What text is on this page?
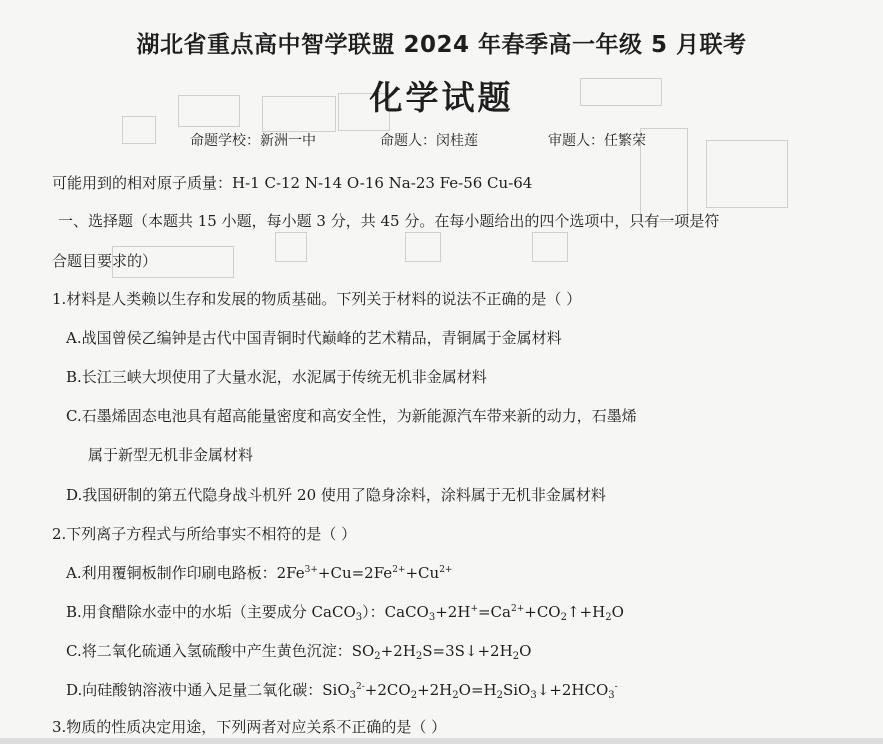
湖北省重点高中智学联盟 2024 年春季高一年级 5 月联考
化学试题
命题学校：新洲一中	命题人：闵桂莲	审题人：任繁荣
可能用到的相对原子质量：H-1 C-12 N-14 O-16 Na-23 Fe-56 Cu-64
一、选择题（本题共 15 小题，每小题 3 分，共 45 分。在每小题给出的四个选项中，只有一项是符
合题目要求的）
1.材料是人类赖以生存和发展的物质基础。下列关于材料的说法不正确的是（ ）
A.战国曾侯乙编钟是古代中国青铜时代巅峰的艺术精品，青铜属于金属材料
B.长江三峡大坝使用了大量水泥，水泥属于传统无机非金属材料
C.石墨烯固态电池具有超高能量密度和高安全性，为新能源汽车带来新的动力，石墨烯
属于新型无机非金属材料
D.我国研制的第五代隐身战斗机歼 20 使用了隐身涂料，涂料属于无机非金属材料
2.下列离子方程式与所给事实不相符的是（ ）
A.利用覆铜板制作印刷电路板：$2Fe^{3+}+Cu=2Fe^{2+}+Cu^{2+}$
B.用食醋除水壶中的水垢（主要成分 CaCO$_3$）：$CaCO_3+2H^+=Ca^{2+}+CO_2↑+H_2O$
C.将二氧化硫通入氢硫酸中产生黄色沉淀：$SO_2+2H_2S=3S↓+2H_2O$
D.向硅酸钠溶液中通入足量二氧化碳：$SiO_3^{2-}+2CO_2+2H_2O=H_2SiO_3↓+2HCO_3^-$
3.物质的性质决定用途，下列两者对应关系不正确的是（ ）
